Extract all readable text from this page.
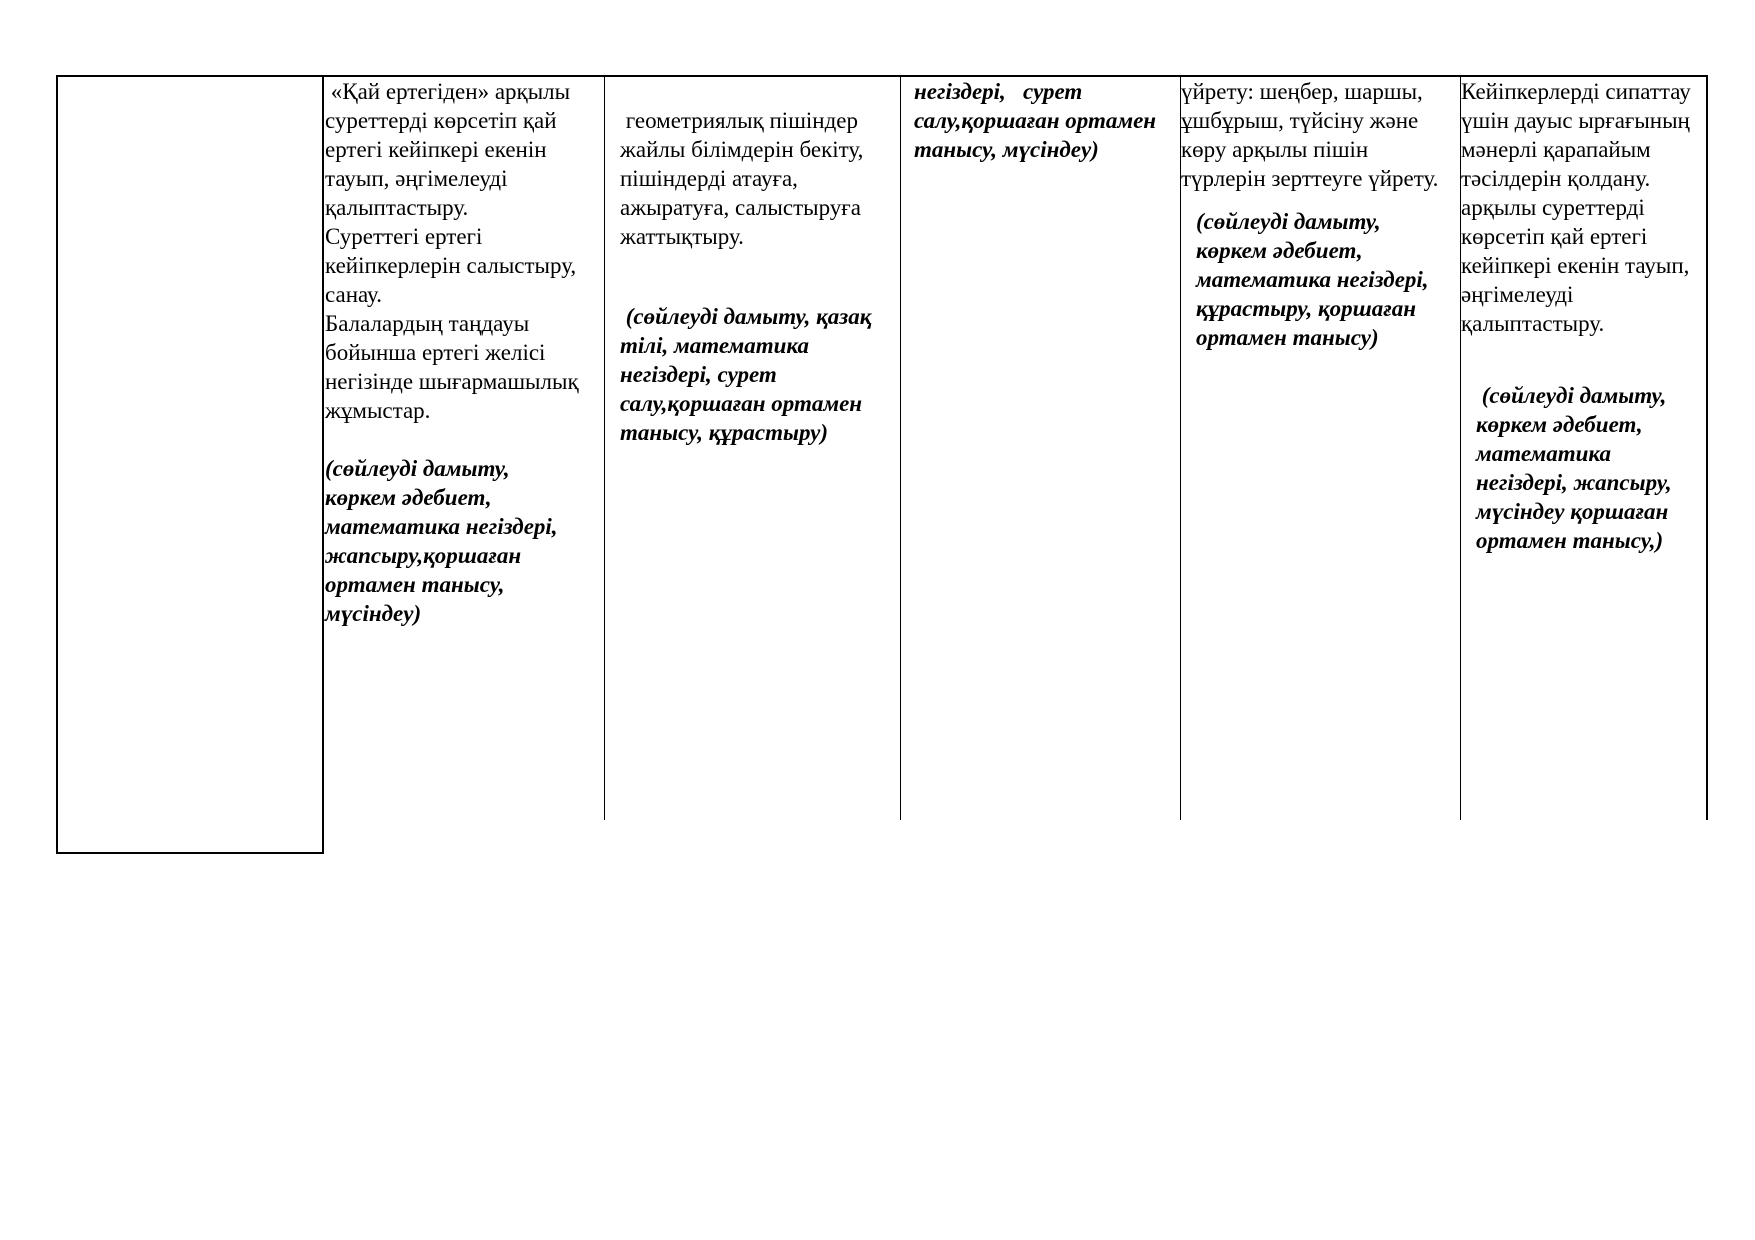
«Қай ертегіден» арқылы суреттерді көрсетіп қай ертегі кейіпкері екенін тауып, әңгімелеуді қалыптастыру.

Суреттегі ертегі кейіпкерлерін салыстыру, санау.

Балалардың таңдауы бойынша ертегі желісі негізінде шығармашылық жұмыстар.

(сөйлеуді дамыту, көркем әдебиет, математика негіздері, жапсыру,қоршаған ортамен танысу, мүсіндеу)

геометриялық пішіндер жайлы білімдерін бекіту, пішіндерді атауға, ажыратуға, салыстыруға жаттықтыру.

(сөйлеуді дамыту, қазақ тілі, математика негіздері, сурет салу,қоршаған ортамен танысу, құрастыру)

негіздері,   сурет салу,қоршаған ортамен танысу, мүсіндеу)

үйрету: шеңбер, шаршы, ұшбұрыш, түйсіну және көру арқылы пішін түрлерін зерттеуге үйрету.

(сөйлеуді дамыту, көркем әдебиет, математика негіздері,   құрастыру, қоршаған ортамен танысу)

Кейіпкерлерді сипаттау үшін дауыс ырғағының мәнерлі қарапайым тәсілдерін қолдану. арқылы суреттерді көрсетіп қай ертегі кейіпкері екенін тауып, әңгімелеуді қалыптастыру.

(сөйлеуді дамыту, көркем әдебиет, математика негіздері, жапсыру, мүсіндеу қоршаған ортамен танысу,)
